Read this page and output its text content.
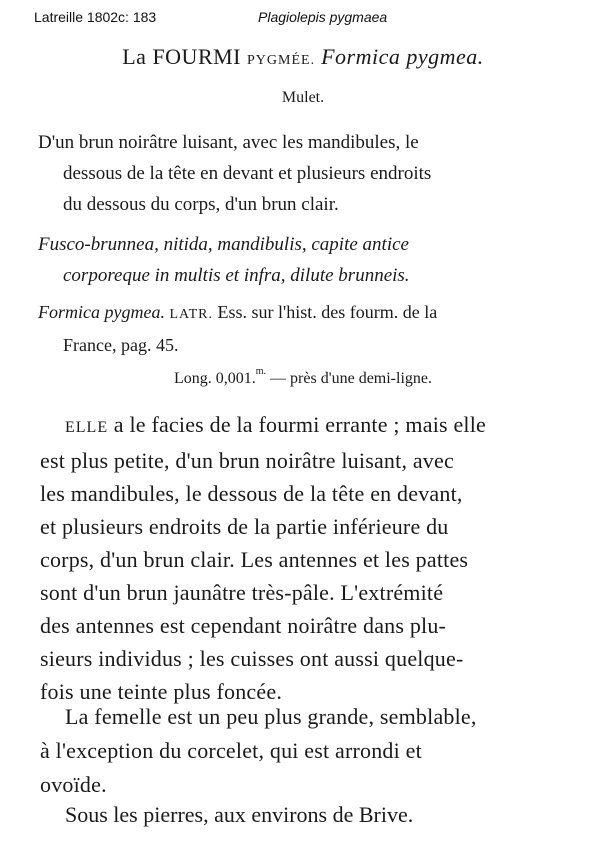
Latreille 1802c: 183	Plagiolepis pygmaea
La FOURMI PYGMÉE. Formica pygmea.
Mulet.
D'un brun noirâtre luisant, avec les mandibules, le
dessous de la tête en devant et plusieurs endroits
du dessous du corps, d'un brun clair.
Fusco-brunnea, nitida, mandibulis, capite antice
corporeque in multis et infra, dilute brunneis.
Formica pygmea. LATR. Ess. sur l'hist. des fourm. de la
France, pag. 45.
Long. 0,001.$^{m.}$ — près d'une demi-ligne.
ELLE a le facies de la fourmi errante ; mais elle
est plus petite, d'un brun noirâtre luisant, avec
les mandibules, le dessous de la tête en devant,
et plusieurs endroits de la partie inférieure du
corps, d'un brun clair. Les antennes et les pattes
sont d'un brun jaunâtre très-pâle. L'extrémité
des antennes est cependant noirâtre dans plu-
sieurs individus ; les cuisses ont aussi quelque-
fois une teinte plus foncée.
La femelle est un peu plus grande, semblable,
à l'exception du corcelet, qui est arrondi et
ovoïde.
Sous les pierres, aux environs de Brive.
